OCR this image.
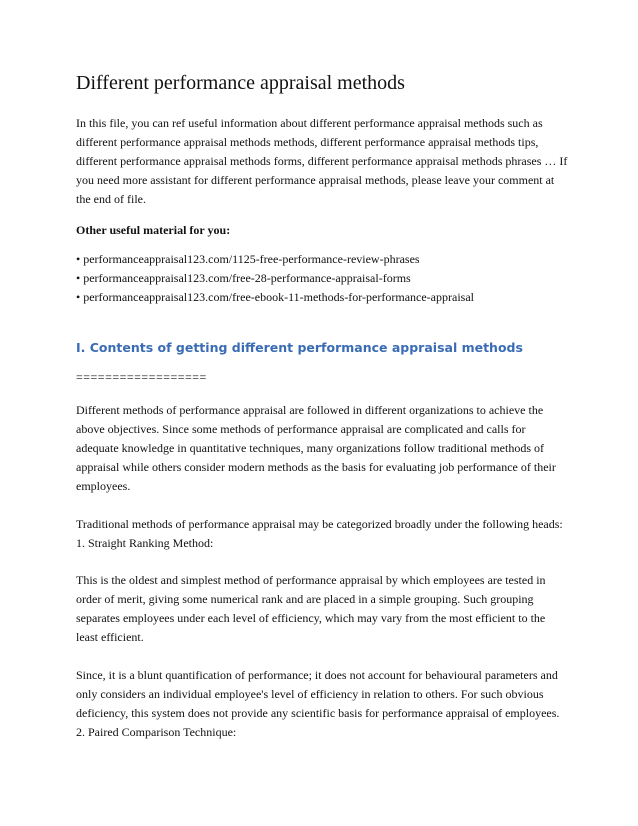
Different performance appraisal methods

In this file, you can ref useful information about different performance appraisal methods such as different performance appraisal methods methods, different performance appraisal methods tips, different performance appraisal methods forms, different performance appraisal methods phrases … If you need more assistant for different performance appraisal methods, please leave your comment at the end of file.

Other useful material for you:

• performanceappraisal123.com/1125-free-performance-review-phrases
• performanceappraisal123.com/free-28-performance-appraisal-forms
• performanceappraisal123.com/free-ebook-11-methods-for-performance-appraisal

I. Contents of getting different performance appraisal methods

==================

Different methods of performance appraisal are followed in different organizations to achieve the above objectives. Since some methods of performance appraisal are complicated and calls for adequate knowledge in quantitative techniques, many organizations follow traditional methods of appraisal while others consider modern methods as the basis for evaluating job performance of their employees.

Traditional methods of performance appraisal may be categorized broadly under the following heads:

1. Straight Ranking Method:

This is the oldest and simplest method of performance appraisal by which employees are tested in order of merit, giving some numerical rank and are placed in a simple grouping. Such grouping separates employees under each level of efficiency, which may vary from the most efficient to the least efficient.

Since, it is a blunt quantification of performance; it does not account for behavioural parameters and only considers an individual employee's level of efficiency in relation to others. For such obvious deficiency, this system does not provide any scientific basis for performance appraisal of employees.

2. Paired Comparison Technique:
